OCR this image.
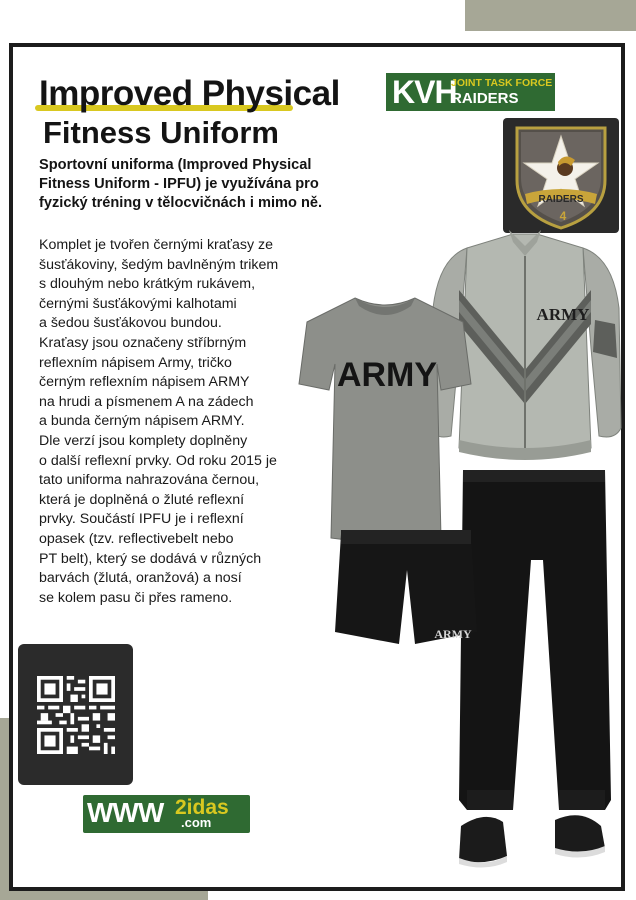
Improved Physical
Fitness Uniform
KVH
JOINT TASK FORCE
RAIDERS
RAIDERS
4

Sportovní uniforma (Improved Physical
Fitness Uniform - IPFU) je využívána pro
fyzický tréning v tělocvičnách i mimo ně.

Komplet je tvořen černými kraťasy ze
šusťákoviny, šedým bavlněným trikem
s dlouhým nebo krátkým rukávem,
černými šusťákovými kalhotami
a šedou šusťákovou bundou.
Kraťasy jsou označeny stříbrným
reflexním nápisem Army, tričko
černým reflexním nápisem ARMY
na hrudi a písmenem A na zádech
a bunda černým nápisem ARMY.
Dle verzí jsou komplety doplněny
o další reflexní prvky. Od roku 2015 je
tato uniforma nahrazována černou,
která je doplněná o žluté reflexní
prvky. Součástí IPFU je i reflexní
opasek (tzv. reflectivebelt nebo
PT belt), který se dodává v různých
barvách (žlutá, oranžová) a nosí
se kolem pasu či přes rameno.

ARMY
ARMY
ARMY
WWW 2idas
.com
